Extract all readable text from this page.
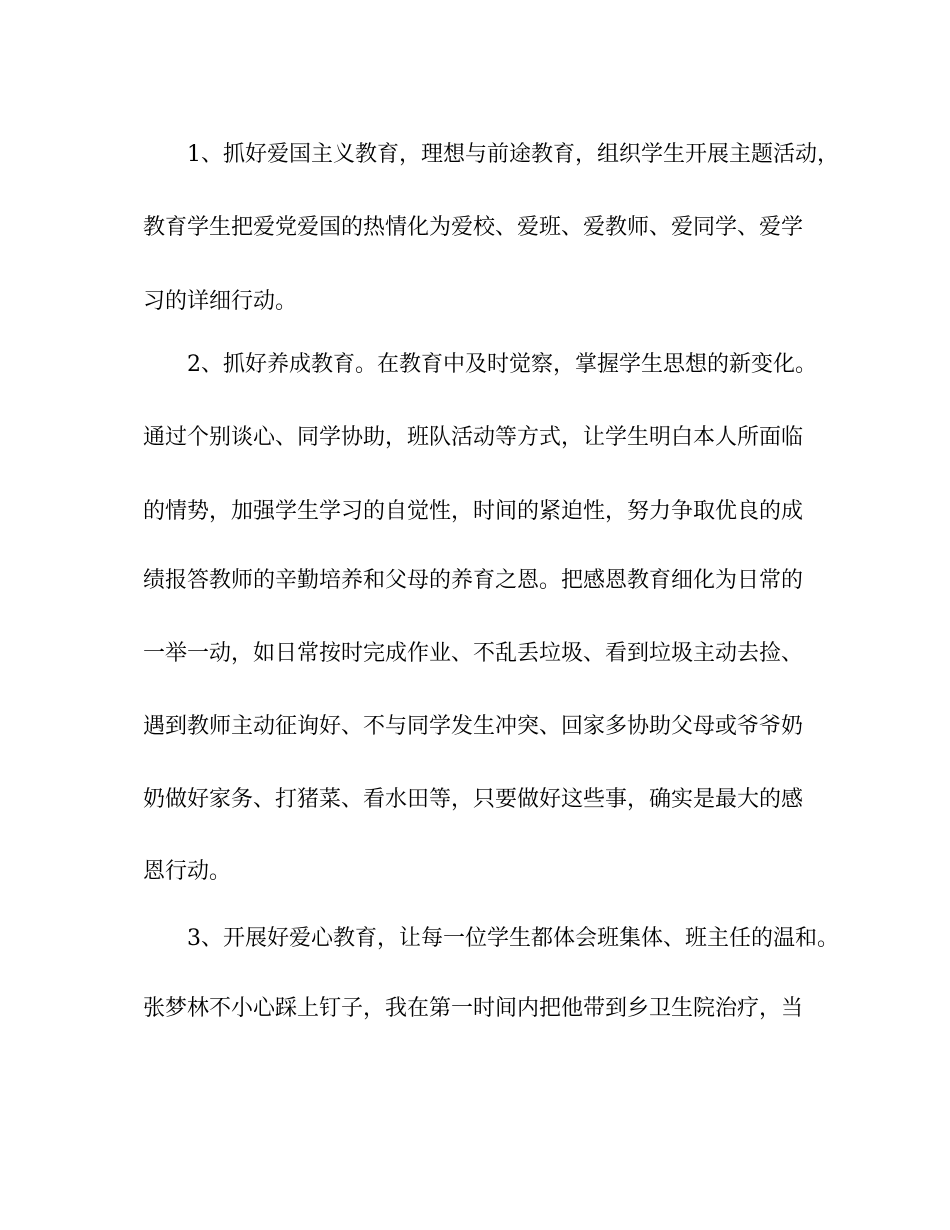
1、抓好爱国主义教育，理想与前途教育，组织学生开展主题活动，
教育学生把爱党爱国的热情化为爱校、爱班、爱教师、爱同学、爱学
习的详细行动。
2、抓好养成教育。在教育中及时觉察，掌握学生思想的新变化。
通过个别谈心、同学协助，班队活动等方式，让学生明白本人所面临
的情势，加强学生学习的自觉性，时间的紧迫性，努力争取优良的成
绩报答教师的辛勤培养和父母的养育之恩。把感恩教育细化为日常的
一举一动，如日常按时完成作业、不乱丢垃圾、看到垃圾主动去捡、
遇到教师主动征询好、不与同学发生冲突、回家多协助父母或爷爷奶
奶做好家务、打猪菜、看水田等，只要做好这些事，确实是最大的感
恩行动。
3、开展好爱心教育，让每一位学生都体会班集体、班主任的温和。
张梦林不小心踩上钉子，我在第一时间内把他带到乡卫生院治疗，当
